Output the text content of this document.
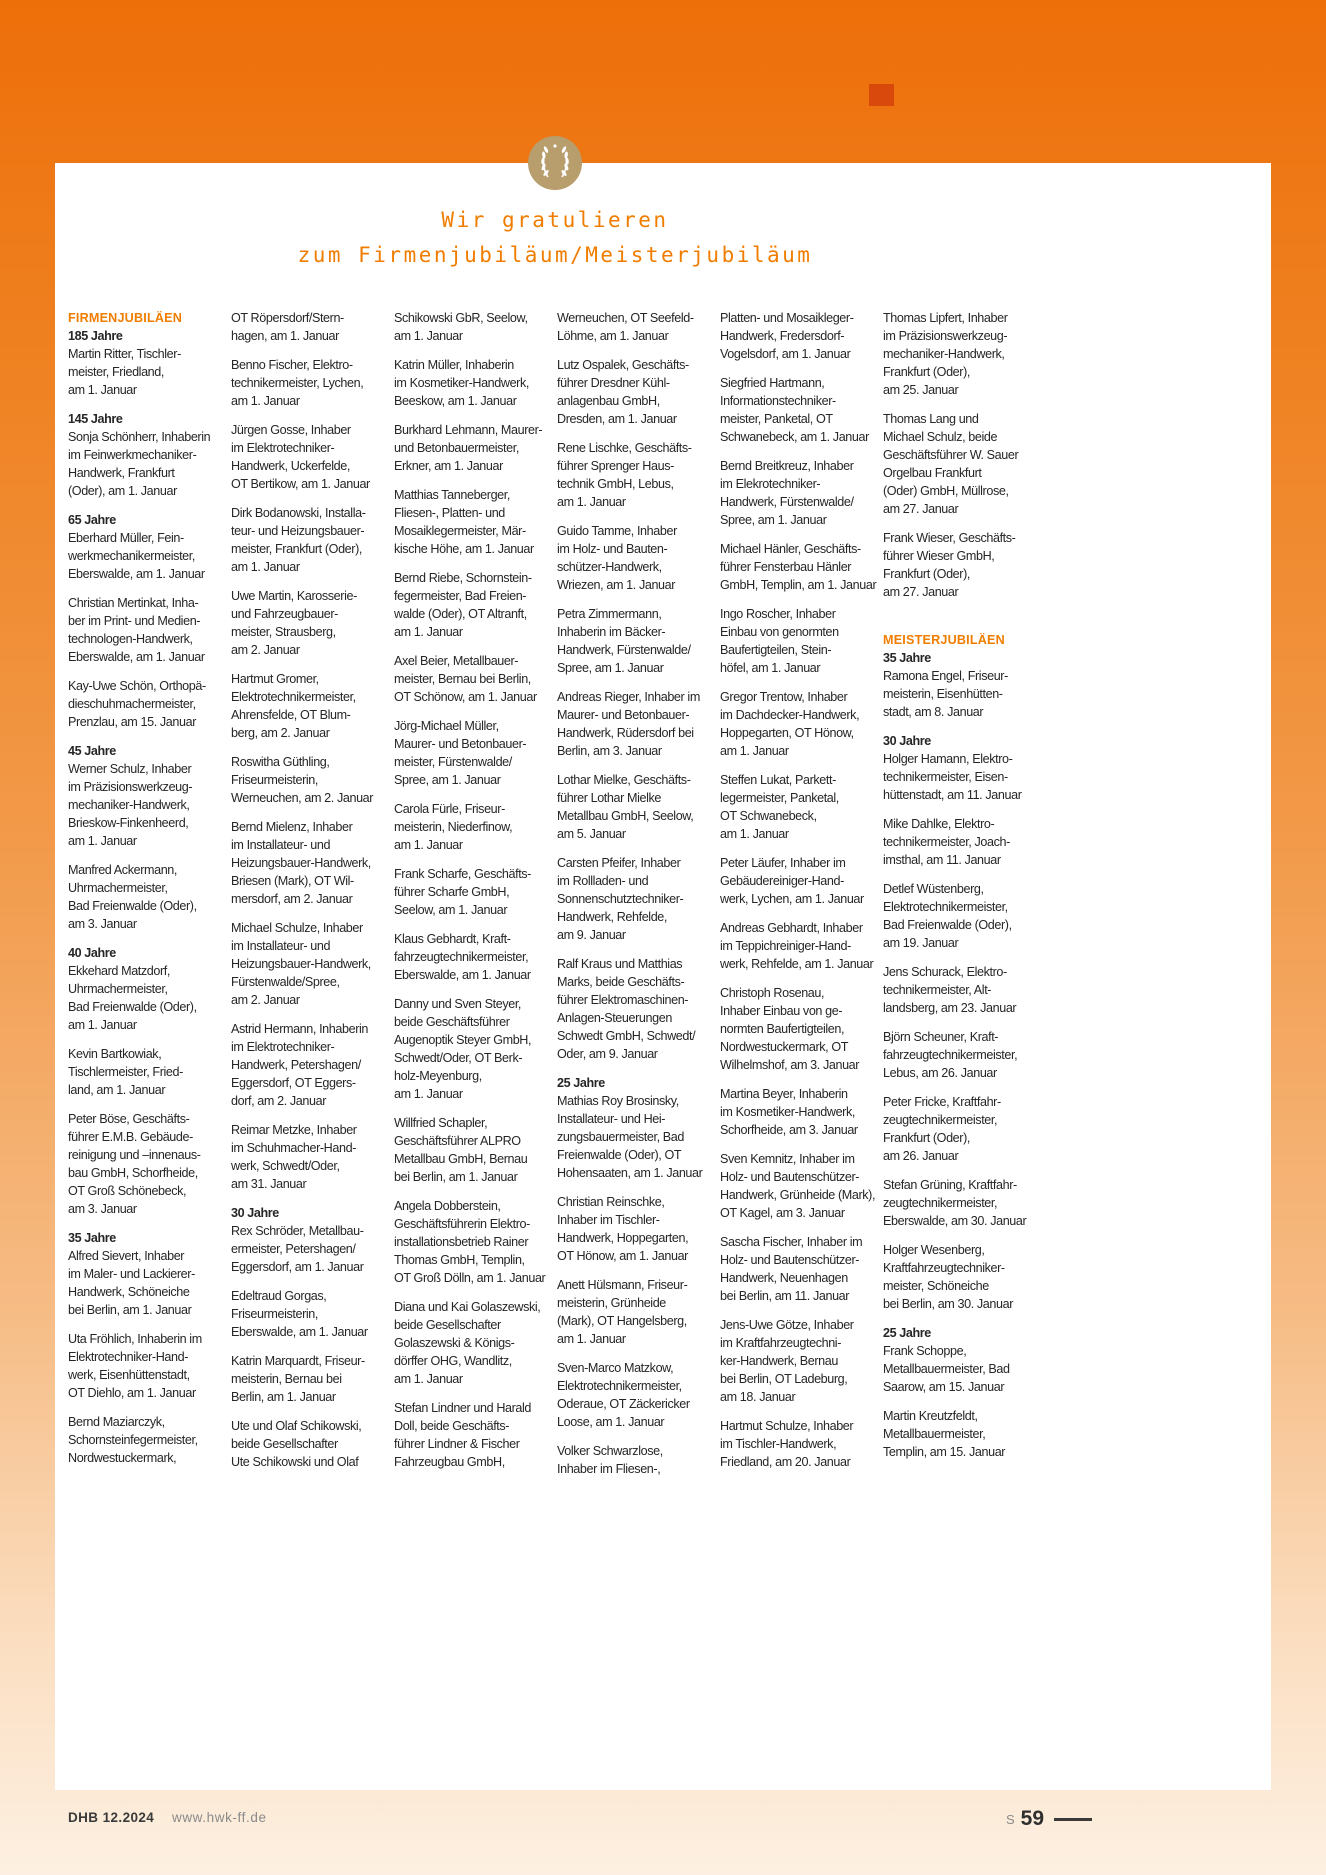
Wir gratulieren
zum Firmenjubiläum/Meisterjubiläum

FIRMENJUBILÄEN

185 Jahre

Martin Ritter, Tischler-
meister, Friedland,
am 1. Januar

145 Jahre

Sonja Schönherr, Inhaberin
im Feinwerkmechaniker-
Handwerk, Frankfurt
(Oder), am 1. Januar

65 Jahre

Eberhard Müller, Fein-
werkmechanikermeister,
Eberswalde, am 1. Januar

Christian Mertinkat, Inha-
ber im Print- und Medien-
technologen-Handwerk,
Eberswalde, am 1. Januar

Kay-Uwe Schön, Orthopä-
dieschuhmachermeister,
Prenzlau, am 15. Januar

45 Jahre

Werner Schulz, Inhaber
im Präzisionswerkzeug-
mechaniker-Handwerk,
Brieskow-Finkenheerd,
am 1. Januar

Manfred Ackermann,
Uhrmachermeister,
Bad Freienwalde (Oder),
am 3. Januar

40 Jahre

Ekkehard Matzdorf,
Uhrmachermeister,
Bad Freienwalde (Oder),
am 1. Januar

Kevin Bartkowiak,
Tischlermeister, Fried-
land, am 1. Januar

Peter Böse, Geschäfts-
führer E.M.B. Gebäude-
reinigung und –innenaus-
bau GmbH, Schorfheide,
OT Groß Schönebeck,
am 3. Januar

35 Jahre

Alfred Sievert, Inhaber
im Maler- und Lackierer-
Handwerk, Schöneiche
bei Berlin, am 1. Januar

Uta Fröhlich, Inhaberin im
Elektrotechniker-Hand-
werk, Eisenhüttenstadt,
OT Diehlo, am 1. Januar

Bernd Maziarczyk,
Schornsteinfegermeister,
Nordwestuckermark,

OT Röpersdorf/Stern-
hagen, am 1. Januar

Benno Fischer, Elektro-
technikermeister, Lychen,
am 1. Januar

Jürgen Gosse, Inhaber
im Elektrotechniker-
Handwerk, Uckerfelde,
OT Bertikow, am 1. Januar

Dirk Bodanowski, Installa-
teur- und Heizungsbauer-
meister, Frankfurt (Oder),
am 1. Januar

Uwe Martin, Karosserie-
und Fahrzeugbauer-
meister, Strausberg,
am 2. Januar

Hartmut Gromer,
Elektrotechnikermeister,
Ahrensfelde, OT Blum-
berg, am 2. Januar

Roswitha Güthling,
Friseurmeisterin,
Werneuchen, am 2. Januar

Bernd Mielenz, Inhaber
im Installateur- und
Heizungsbauer-Handwerk,
Briesen (Mark), OT Wil-
mersdorf, am 2. Januar

Michael Schulze, Inhaber
im Installateur- und
Heizungsbauer-Handwerk,
Fürstenwalde/Spree,
am 2. Januar

Astrid Hermann, Inhaberin
im Elektrotechniker-
Handwerk, Petershagen/
Eggersdorf, OT Eggers-
dorf, am 2. Januar

Reimar Metzke, Inhaber
im Schuhmacher-Hand-
werk, Schwedt/Oder,
am 31. Januar

30 Jahre

Rex Schröder, Metallbau-
ermeister, Petershagen/
Eggersdorf, am 1. Januar

Edeltraud Gorgas,
Friseurmeisterin,
Eberswalde, am 1. Januar

Katrin Marquardt, Friseur-
meisterin, Bernau bei
Berlin, am 1. Januar

Ute und Olaf Schikowski,
beide Gesellschafter
Ute Schikowski und Olaf

Schikowski GbR, Seelow,
am 1. Januar

Katrin Müller, Inhaberin
im Kosmetiker-Handwerk,
Beeskow, am 1. Januar

Burkhard Lehmann, Maurer-
und Betonbauermeister,
Erkner, am 1. Januar

Matthias Tanneberger,
Fliesen-, Platten- und
Mosaiklegermeister, Mär-
kische Höhe, am 1. Januar

Bernd Riebe, Schornstein-
fegermeister, Bad Freien-
walde (Oder), OT Altranft,
am 1. Januar

Axel Beier, Metallbauer-
meister, Bernau bei Berlin,
OT Schönow, am 1. Januar

Jörg-Michael Müller,
Maurer- und Betonbauer-
meister, Fürstenwalde/
Spree, am 1. Januar

Carola Fürle, Friseur-
meisterin, Niederfinow,
am 1. Januar

Frank Scharfe, Geschäfts-
führer Scharfe GmbH,
Seelow, am 1. Januar

Klaus Gebhardt, Kraft-
fahrzeugtechnikermeister,
Eberswalde, am 1. Januar

Danny und Sven Steyer,
beide Geschäftsführer
Augenoptik Steyer GmbH,
Schwedt/Oder, OT Berk-
holz-Meyenburg,
am 1. Januar

Willfried Schapler,
Geschäftsführer ALPRO
Metallbau GmbH, Bernau
bei Berlin, am 1. Januar

Angela Dobberstein,
Geschäftsführerin Elektro-
installationsbetrieb Rainer
Thomas GmbH, Templin,
OT Groß Dölln, am 1. Januar

Diana und Kai Golaszewski,
beide Gesellschafter
Golaszewski & Königs-
dörffer OHG, Wandlitz,
am 1. Januar

Stefan Lindner und Harald
Doll, beide Geschäfts-
führer Lindner & Fischer
Fahrzeugbau GmbH,

Werneuchen, OT Seefeld-
Löhme, am 1. Januar

Lutz Ospalek, Geschäfts-
führer Dresdner Kühl-
anlagenbau GmbH,
Dresden, am 1. Januar

Rene Lischke, Geschäfts-
führer Sprenger Haus-
technik GmbH, Lebus,
am 1. Januar

Guido Tamme, Inhaber
im Holz- und Bauten-
schützer-Handwerk,
Wriezen, am 1. Januar

Petra Zimmermann,
Inhaberin im Bäcker-
Handwerk, Fürstenwalde/
Spree, am 1. Januar

Andreas Rieger, Inhaber im
Maurer- und Betonbauer-
Handwerk, Rüdersdorf bei
Berlin, am 3. Januar

Lothar Mielke, Geschäfts-
führer Lothar Mielke
Metallbau GmbH, Seelow,
am 5. Januar

Carsten Pfeifer, Inhaber
im Rollladen- und
Sonnenschutztechniker-
Handwerk, Rehfelde,
am 9. Januar

Ralf Kraus und Matthias
Marks, beide Geschäfts-
führer Elektromaschinen-
Anlagen-Steuerungen
Schwedt GmbH, Schwedt/
Oder, am 9. Januar

25 Jahre

Mathias Roy Brosinsky,
Installateur- und Hei-
zungsbauermeister, Bad
Freienwalde (Oder), OT
Hohensaaten, am 1. Januar

Christian Reinschke,
Inhaber im Tischler-
Handwerk, Hoppegarten,
OT Hönow, am 1. Januar

Anett Hülsmann, Friseur-
meisterin, Grünheide
(Mark), OT Hangelsberg,
am 1. Januar

Sven-Marco Matzkow,
Elektrotechnikermeister,
Oderaue, OT Zäckericker
Loose, am 1. Januar

Volker Schwarzlose,
Inhaber im Fliesen-,

Platten- und Mosaikleger-
Handwerk, Fredersdorf-
Vogelsdorf, am 1. Januar

Siegfried Hartmann,
Informationstechniker-
meister, Panketal, OT
Schwanebeck, am 1. Januar

Bernd Breitkreuz, Inhaber
im Elekrotechniker-
Handwerk, Fürstenwalde/
Spree, am 1. Januar

Michael Hänler, Geschäfts-
führer Fensterbau Hänler
GmbH, Templin, am 1. Januar

Ingo Roscher, Inhaber
Einbau von genormten
Baufertigteilen, Stein-
höfel, am 1. Januar

Gregor Trentow, Inhaber
im Dachdecker-Handwerk,
Hoppegarten, OT Hönow,
am 1. Januar

Steffen Lukat, Parkett-
legermeister, Panketal,
OT Schwanebeck,
am 1. Januar

Peter Läufer, Inhaber im
Gebäudereiniger-Hand-
werk, Lychen, am 1. Januar

Andreas Gebhardt, Inhaber
im Teppichreiniger-Hand-
werk, Rehfelde, am 1. Januar

Christoph Rosenau,
Inhaber Einbau von ge-
normten Baufertigteilen,
Nordwestuckermark, OT
Wilhelmshof, am 3. Januar

Martina Beyer, Inhaberin
im Kosmetiker-Handwerk,
Schorfheide, am 3. Januar

Sven Kemnitz, Inhaber im
Holz- und Bautenschützer-
Handwerk, Grünheide (Mark),
OT Kagel, am 3. Januar

Sascha Fischer, Inhaber im
Holz- und Bautenschützer-
Handwerk, Neuenhagen
bei Berlin, am 11. Januar

Jens-Uwe Götze, Inhaber
im Kraftfahrzeugtechni-
ker-Handwerk, Bernau
bei Berlin, OT Ladeburg,
am 18. Januar

Hartmut Schulze, Inhaber
im Tischler-Handwerk,
Friedland, am 20. Januar

Thomas Lipfert, Inhaber
im Präzisionswerkzeug-
mechaniker-Handwerk,
Frankfurt (Oder),
am 25. Januar

Thomas Lang und
Michael Schulz, beide
Geschäftsführer W. Sauer
Orgelbau Frankfurt
(Oder) GmbH, Müllrose,
am 27. Januar

Frank Wieser, Geschäfts-
führer Wieser GmbH,
Frankfurt (Oder),
am 27. Januar

MEISTERJUBILÄEN

35 Jahre

Ramona Engel, Friseur-
meisterin, Eisenhütten-
stadt, am 8. Januar

30 Jahre

Holger Hamann, Elektro-
technikermeister, Eisen-
hüttenstadt, am 11. Januar

Mike Dahlke, Elektro-
technikermeister, Joach-
imsthal, am 11. Januar

Detlef Wüstenberg,
Elektrotechnikermeister,
Bad Freienwalde (Oder),
am 19. Januar

Jens Schurack, Elektro-
technikermeister, Alt-
landsberg, am 23. Januar

Björn Scheuner, Kraft-
fahrzeugtechnikermeister,
Lebus, am 26. Januar

Peter Fricke, Kraftfahr-
zeugtechnikermeister,
Frankfurt (Oder),
am 26. Januar

Stefan Grüning, Kraftfahr-
zeugtechnikermeister,
Eberswalde, am 30. Januar

Holger Wesenberg,
Kraftfahrzeugtechniker-
meister, Schöneiche
bei Berlin, am 30. Januar

25 Jahre

Frank Schoppe,
Metallbauermeister, Bad
Saarow, am 15. Januar

Martin Kreutzfeldt,
Metallbauermeister,
Templin, am 15. Januar

DHB 12.2024 www.hwk-ff.de	S 59
